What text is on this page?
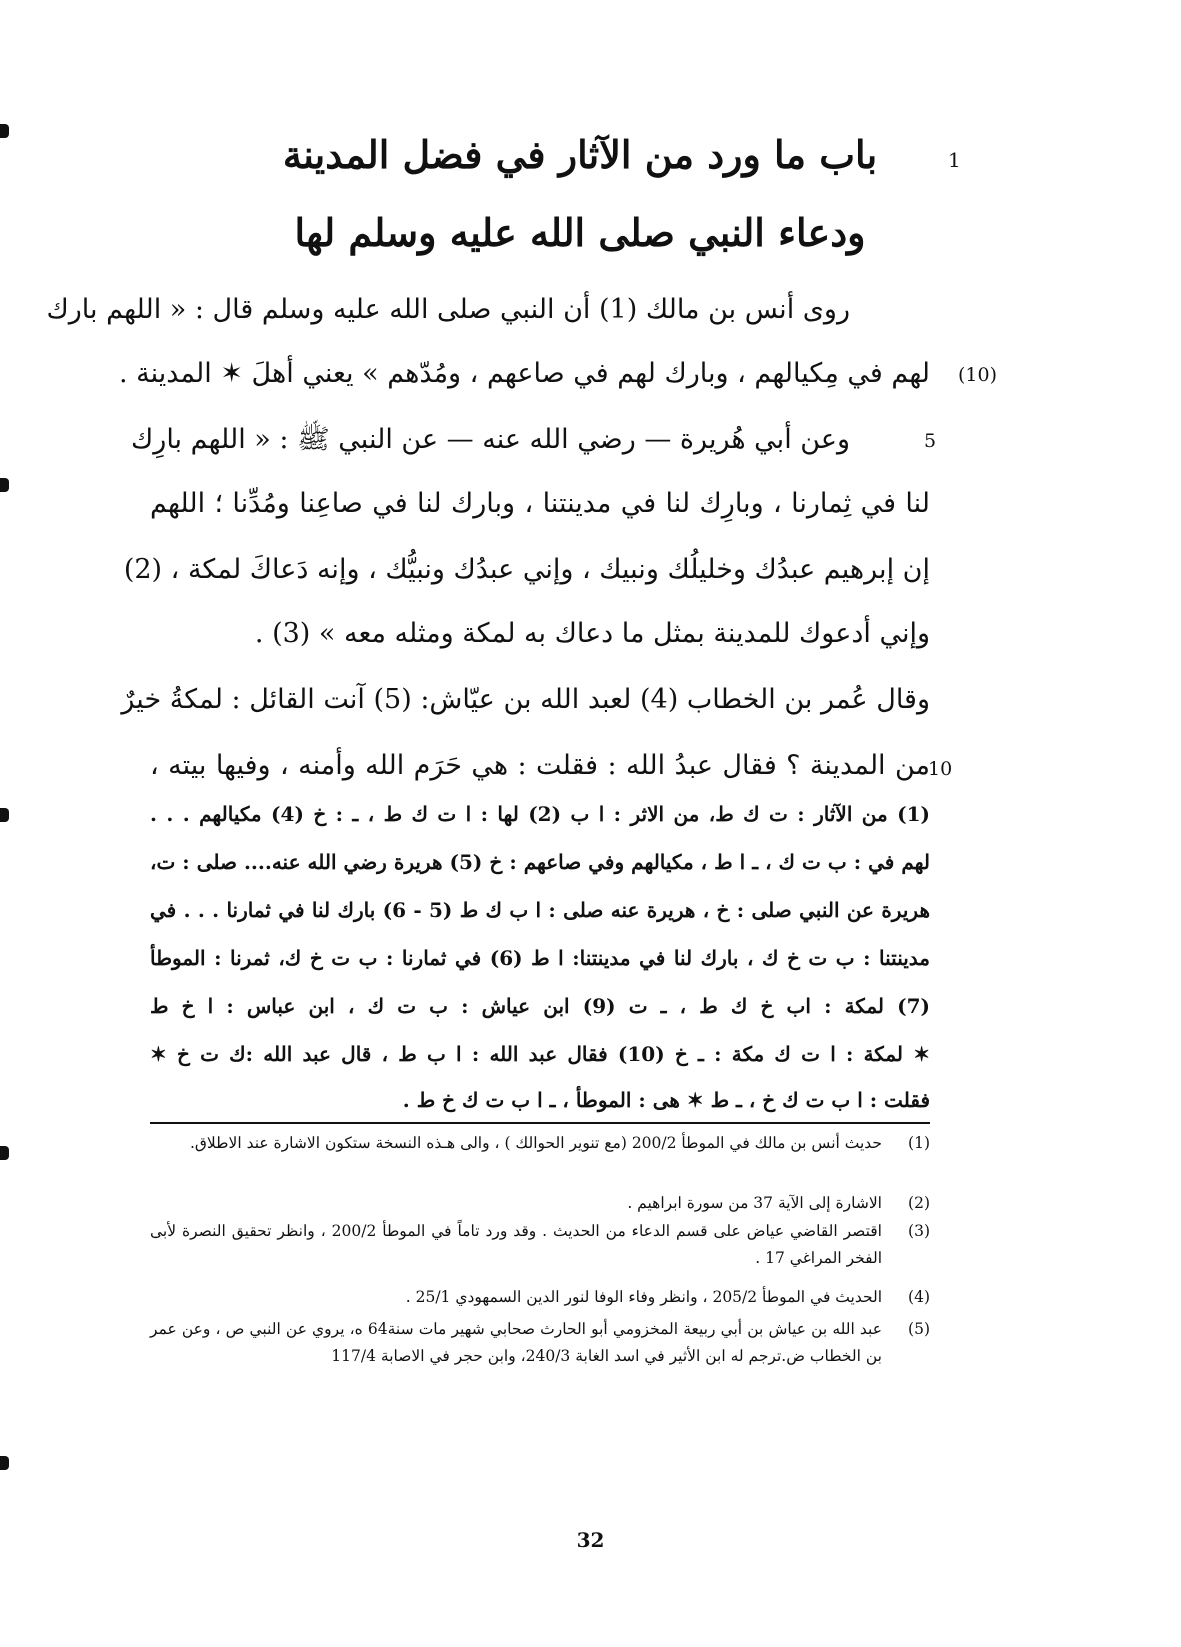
1
باب ما ورد من الآثار في فضل المدينة
ودعاء النبي صلى الله عليه وسلم لها
روى أنس بن مالك (1) أن النبي صلى الله عليه وسلم قال : « اللهم بارك
لهم في مِكيالهم ، وبارك لهم في صاعهم ، ومُدّهم » يعني أهلَ ✶ المدينة .
وعن أبي هُريرة — رضي الله عنه — عن النبي ﷺ : « اللهم بارِك
لنا في ثِمارنا ، وبارِك لنا في مدينتنا ، وبارك لنا في صاعِنا ومُدِّنا ؛ اللهم
إن إبرهيم عبدُك وخليلُك ونبيك ، وإني عبدُك ونبيُّك ، وإنه دَعاكَ لمكة ، (2)
وإني أدعوك للمدينة بمثل ما دعاك به لمكة ومثله معه » (3) .
وقال عُمر بن الخطاب (4) لعبد الله بن عيّاش: (5) آنت القائل : لمكةُ خيرٌ
من المدينة ؟ فقال عبدُ الله : فقلت : هي حَرَم الله وأمنه ، وفيها بيته ،
(10)
5
10
(1) من الآثار : ت ك ط، من الاثر : ا ب (2) لها : ا ت ك ط ، ـ : خ (4) مكيالهم . . .
لهم في : ب ت ك ، ـ ا ط ، مكيالهم وفي صاعهم : خ (5) هريرة رضي الله عنه.... صلى : ت،
هريرة عن النبي صلى : خ ، هريرة عنه صلى : ا ب ك ط (5 - 6) بارك لنا في ثمارنا . . . في
مدينتنا : ب ت خ ك ، بارك لنا في مدينتنا: ا ط (6) في ثمارنا : ب ت خ ك، ثمرنا : الموطأ
(7) لمكة : اب خ ك ط ، ـ ت (9) ابن عياش : ب ت ك ، ابن عباس : ا خ ط
✶ لمكة : ا ت ك مكة : ـ خ (10) فقال عبد الله : ا ب ط ، قال عبد الله :ك ت خ ✶
فقلت : ا ب ت ك خ ، ـ ط ✶ هى : الموطأ ، ـ ا ب ت ك خ ط .
(1)
حديث أنس بن مالك في الموطأ 200/2 (مع تنوير الحوالك ) ، والى هـذه النسخة ستكون الاشارة عند الاطلاق.
(2)
الاشارة إلى الآية 37 من سورة ابراهيم .
(3)
اقتصر القاضي عياض على قسم الدعاء من الحديث . وقد ورد تاماً في الموطأ 200/2 ، وانظر تحقيق النصرة لأبى الفخر المراغي 17 .
(4)
الحديث في الموطأ 205/2 ، وانظر وفاء الوفا لنور الدين السمهودي 25/1 .
(5)
عبد الله بن عياش بن أبي ربيعة المخزومي أبو الحارث صحابي شهير مات سنة64 ه، يروي عن النبي ص ، وعن عمر بن الخطاب ض.ترجم له ابن الأثير في اسد الغابة 240/3، وابن حجر في الاصابة 117/4
32
